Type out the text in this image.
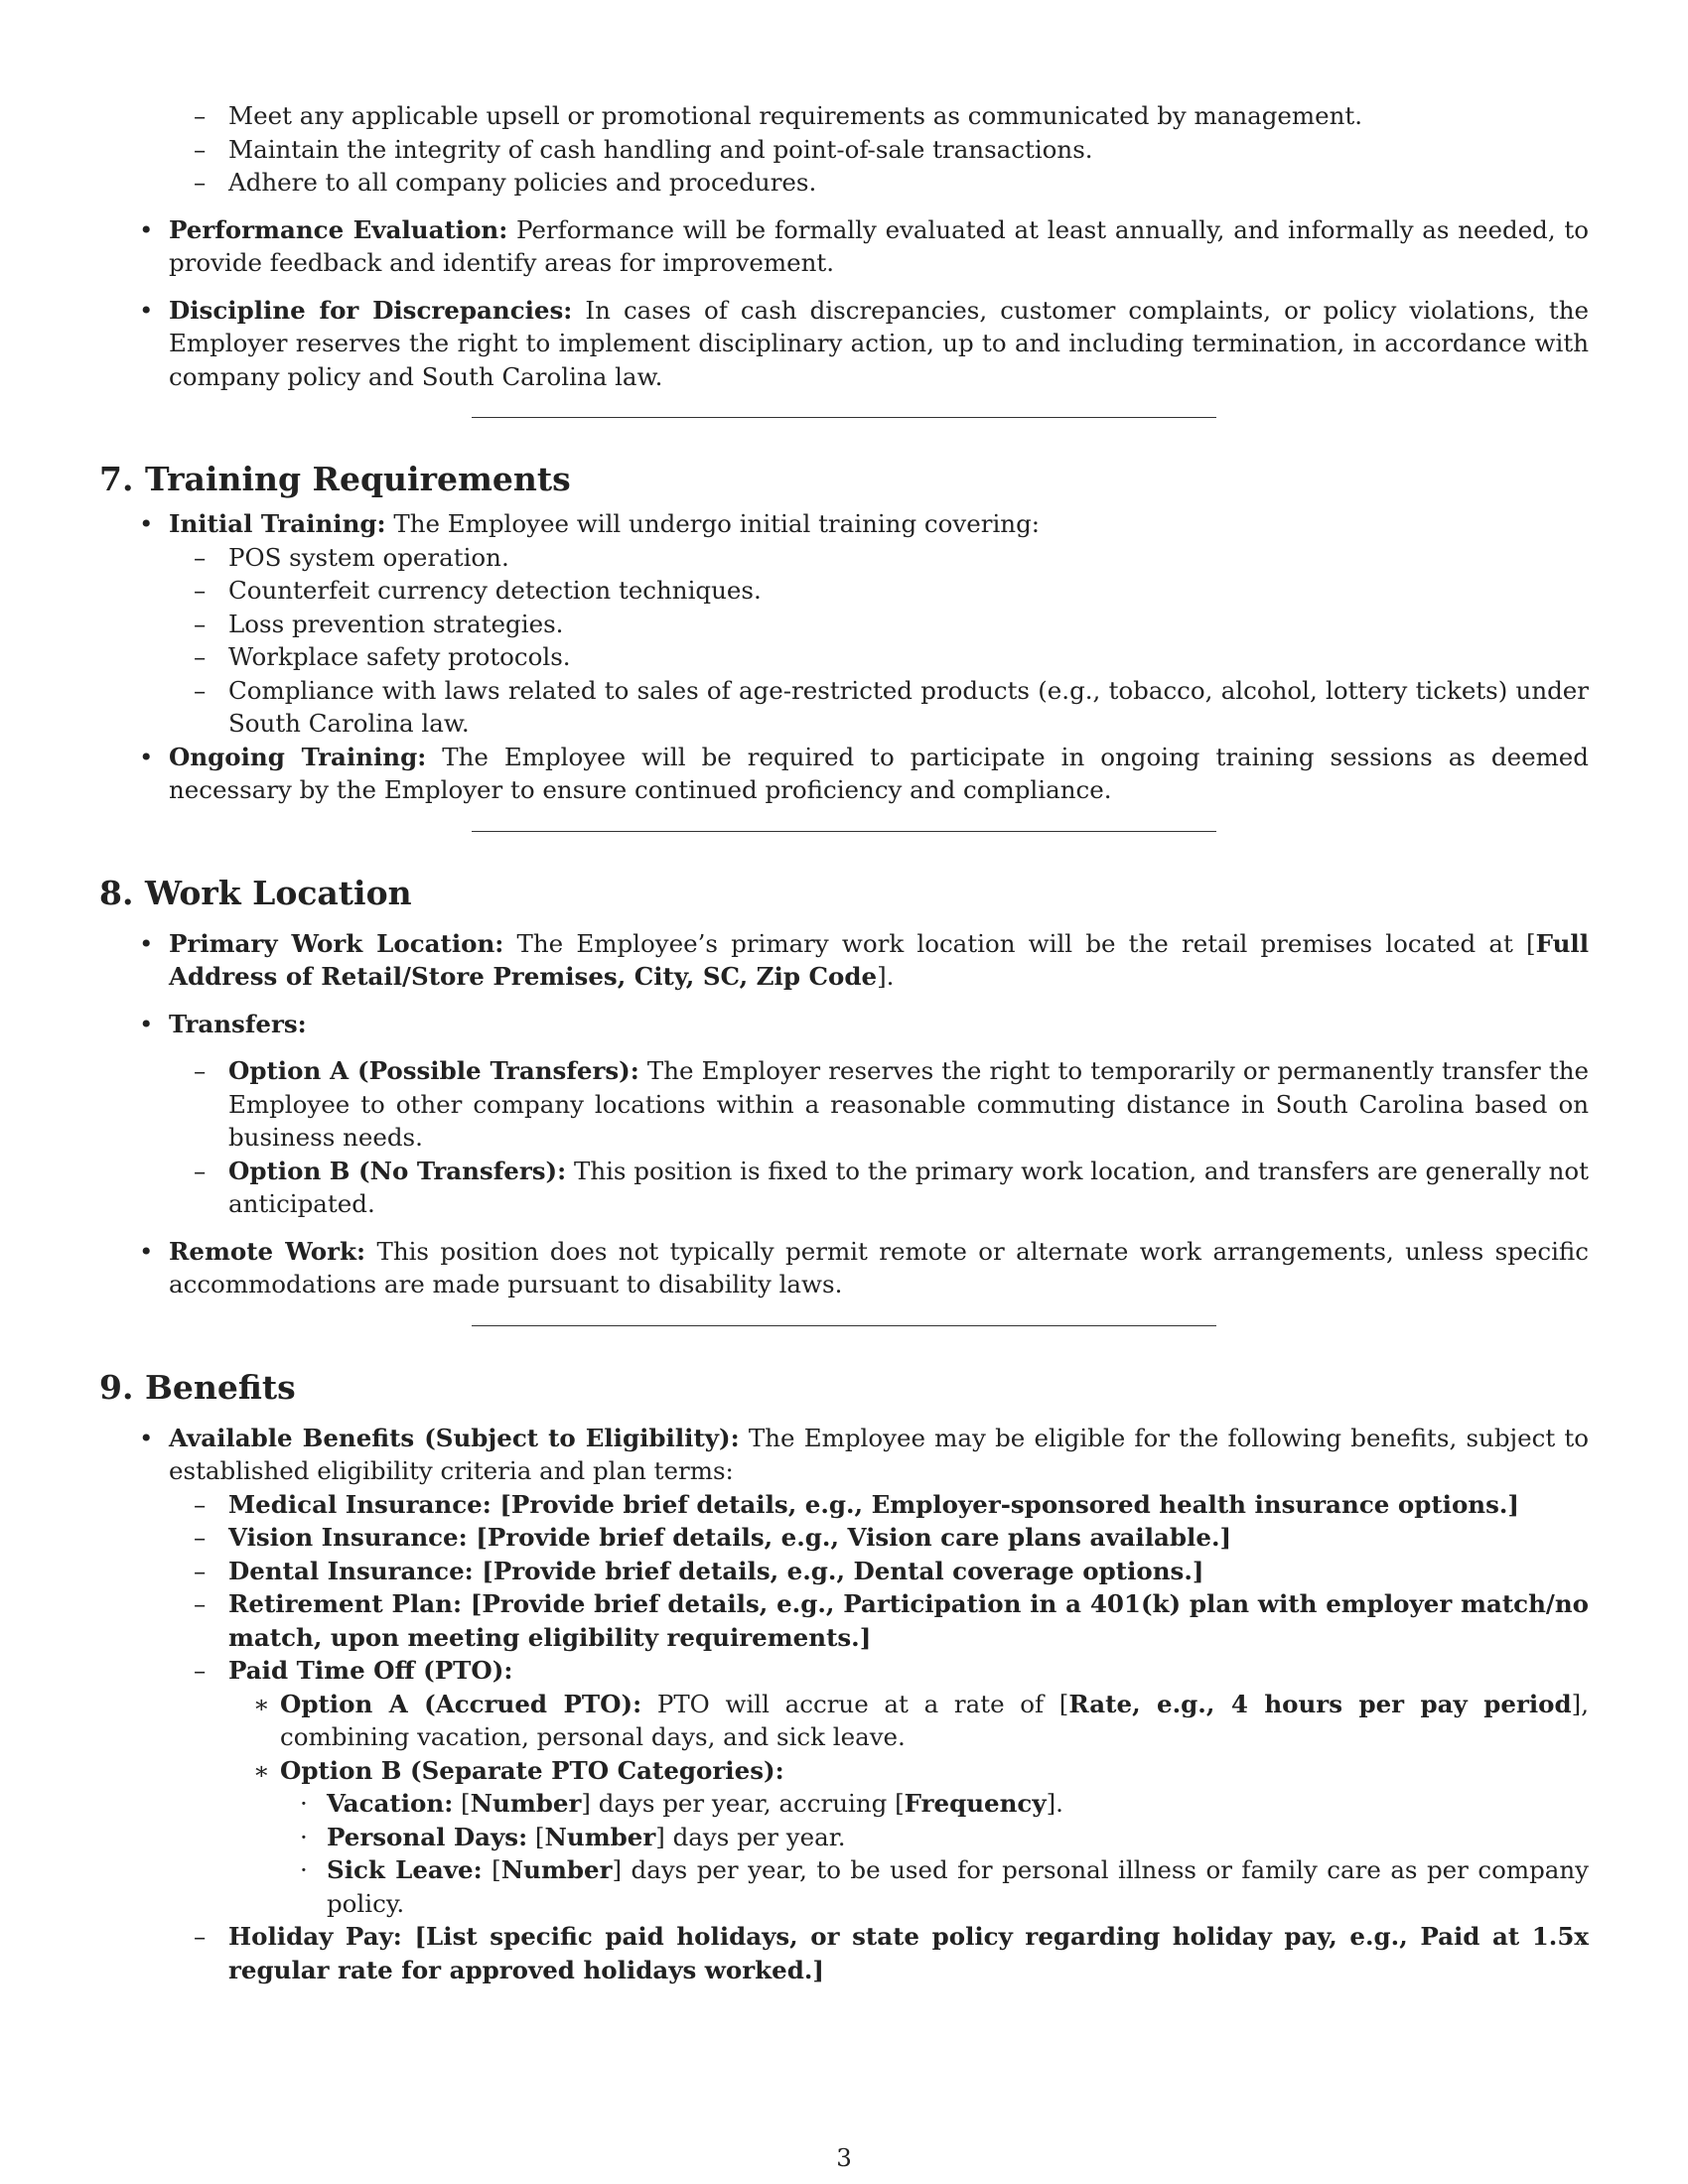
– Meet any applicable upsell or promotional requirements as communicated by management.

– Maintain the integrity of cash handling and point-of-sale transactions.

– Adhere to all company policies and procedures.

• Performance Evaluation: Performance will be formally evaluated at least annually, and informally as needed, to provide feedback and identify areas for improvement.

• Discipline for Discrepancies: In cases of cash discrepancies, customer complaints, or policy violations, the Employer reserves the right to implement disciplinary action, up to and including termination, in accordance with company policy and South Carolina law.

7. Training Requirements

• Initial Training: The Employee will undergo initial training covering:

– POS system operation.

– Counterfeit currency detection techniques.

– Loss prevention strategies.

– Workplace safety protocols.

– Compliance with laws related to sales of age-restricted products (e.g., tobacco, alcohol, lottery tickets) under South Carolina law.

• Ongoing Training: The Employee will be required to participate in ongoing training sessions as deemed necessary by the Employer to ensure continued proficiency and compliance.

8. Work Location

• Primary Work Location: The Employee’s primary work location will be the retail premises located at [Full Address of Retail/Store Premises, City, SC, Zip Code].

• Transfers:

– Option A (Possible Transfers): The Employer reserves the right to temporarily or permanently transfer the Employee to other company locations within a reasonable commuting distance in South Carolina based on business needs.

– Option B (No Transfers): This position is fixed to the primary work location, and transfers are generally not anticipated.

• Remote Work: This position does not typically permit remote or alternate work arrangements, unless specific accommodations are made pursuant to disability laws.

9. Benefits

• Available Benefits (Subject to Eligibility): The Employee may be eligible for the following benefits, subject to established eligibility criteria and plan terms:

– Medical Insurance: [Provide brief details, e.g., Employer-sponsored health insurance options.]

– Vision Insurance: [Provide brief details, e.g., Vision care plans available.]

– Dental Insurance: [Provide brief details, e.g., Dental coverage options.]

– Retirement Plan: [Provide brief details, e.g., Participation in a 401(k) plan with employer match/no match, upon meeting eligibility requirements.]

– Paid Time Off (PTO):

∗ Option A (Accrued PTO): PTO will accrue at a rate of [Rate, e.g., 4 hours per pay period], combining vacation, personal days, and sick leave.

∗ Option B (Separate PTO Categories):

· Vacation: [Number] days per year, accruing [Frequency].

· Personal Days: [Number] days per year.

· Sick Leave: [Number] days per year, to be used for personal illness or family care as per company policy.

– Holiday Pay: [List specific paid holidays, or state policy regarding holiday pay, e.g., Paid at 1.5x regular rate for approved holidays worked.]

3
